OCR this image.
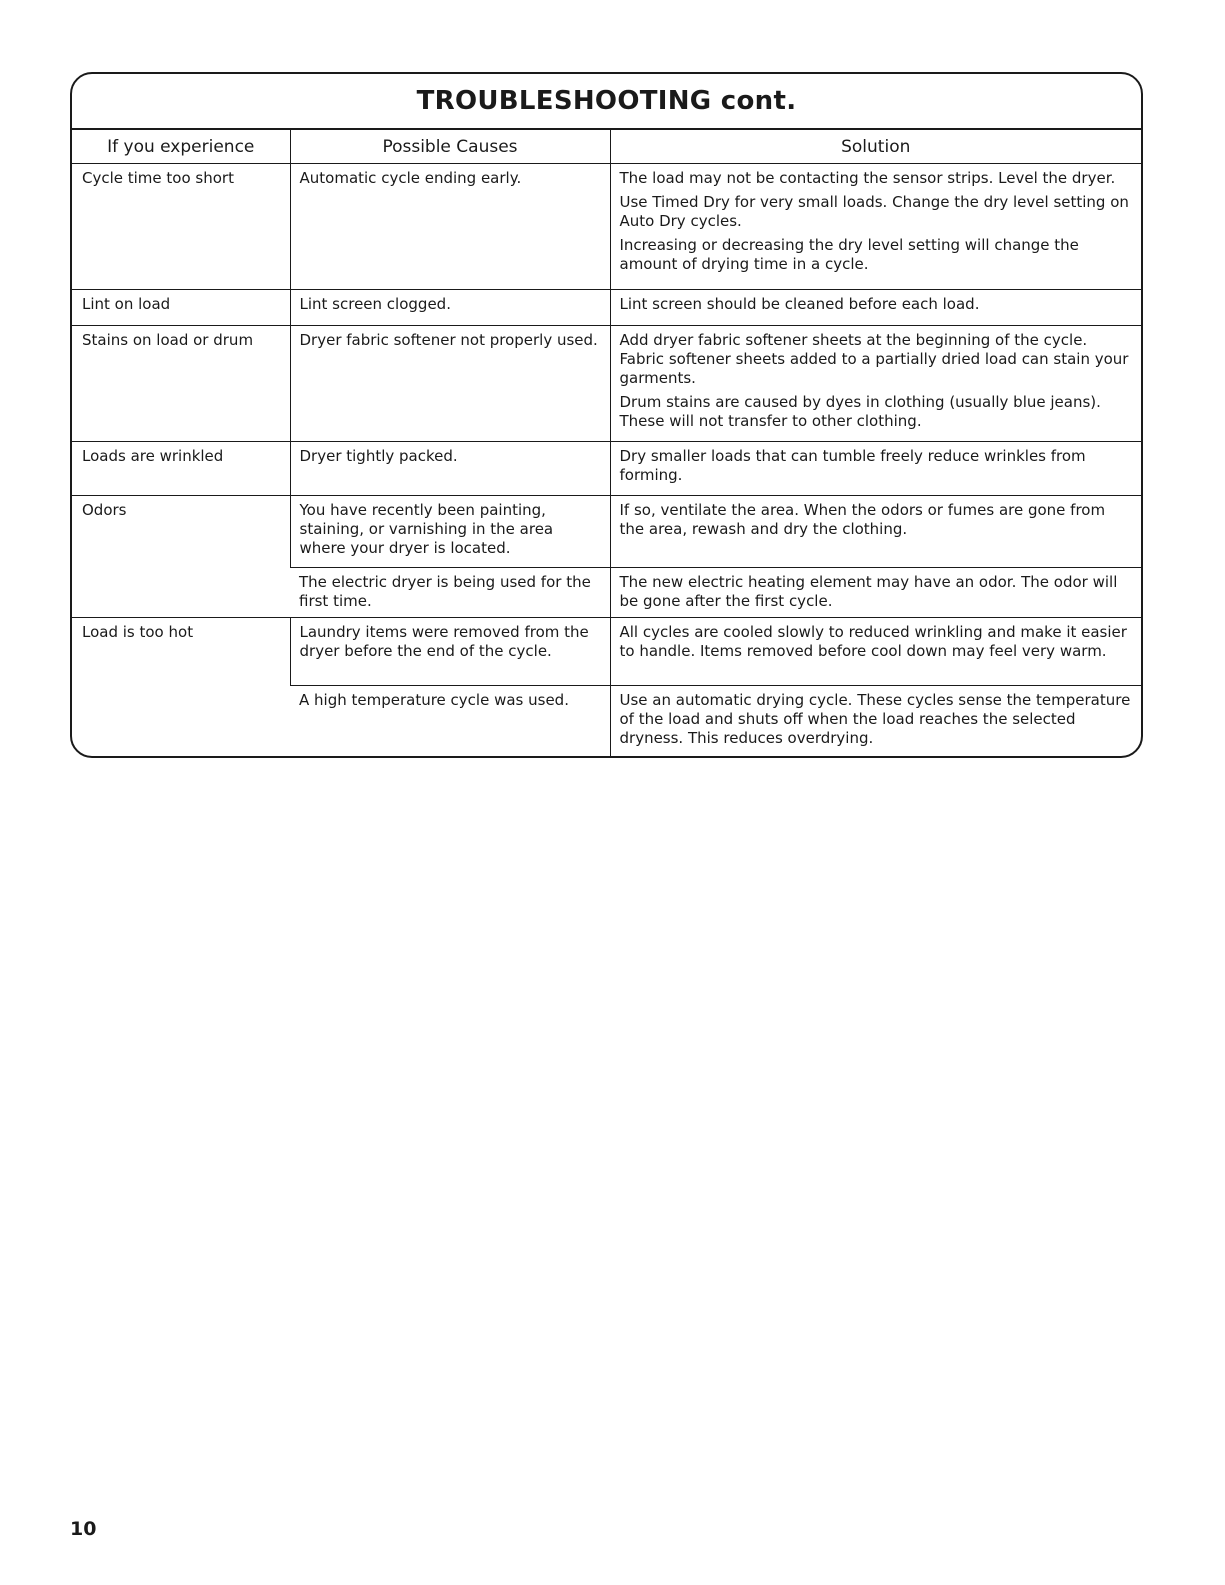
TROUBLESHOOTING cont.
If you experience	Possible Causes	Solution
Cycle time too short	Automatic cycle ending early.	The load may not be contacting the sensor strips. Level the dryer.

Use Timed Dry for very small loads. Change the dry level setting on Auto Dry cycles.

Increasing or decreasing the dry level setting will change the amount of drying time in a cycle.

Lint on load	Lint screen clogged.	Lint screen should be cleaned before each load.

Stains on load or drum	Dryer fabric softener not properly used.	Add dryer fabric softener sheets at the beginning of the cycle. Fabric softener sheets added to a partially dried load can stain your garments.

Drum stains are caused by dyes in clothing (usually blue jeans). These will not transfer to other clothing.

Loads are wrinkled	Dryer tightly packed.	Dry smaller loads that can tumble freely reduce wrinkles from forming.

Odors	You have recently been painting, staining, or varnishing in the area where your dryer is located.	If so, ventilate the area. When the odors or fumes are gone from the area, rewash and dry the clothing.

	The electric dryer is being used for the first time.	The new electric heating element may have an odor. The odor will be gone after the first cycle.

Load is too hot	Laundry items were removed from the dryer before the end of the cycle.	All cycles are cooled slowly to reduced wrinkling and make it easier to handle. Items removed before cool down may feel very warm.

	A high temperature cycle was used.	Use an automatic drying cycle. These cycles sense the temperature of the load and shuts off when the load reaches the selected dryness. This reduces overdrying.

10
